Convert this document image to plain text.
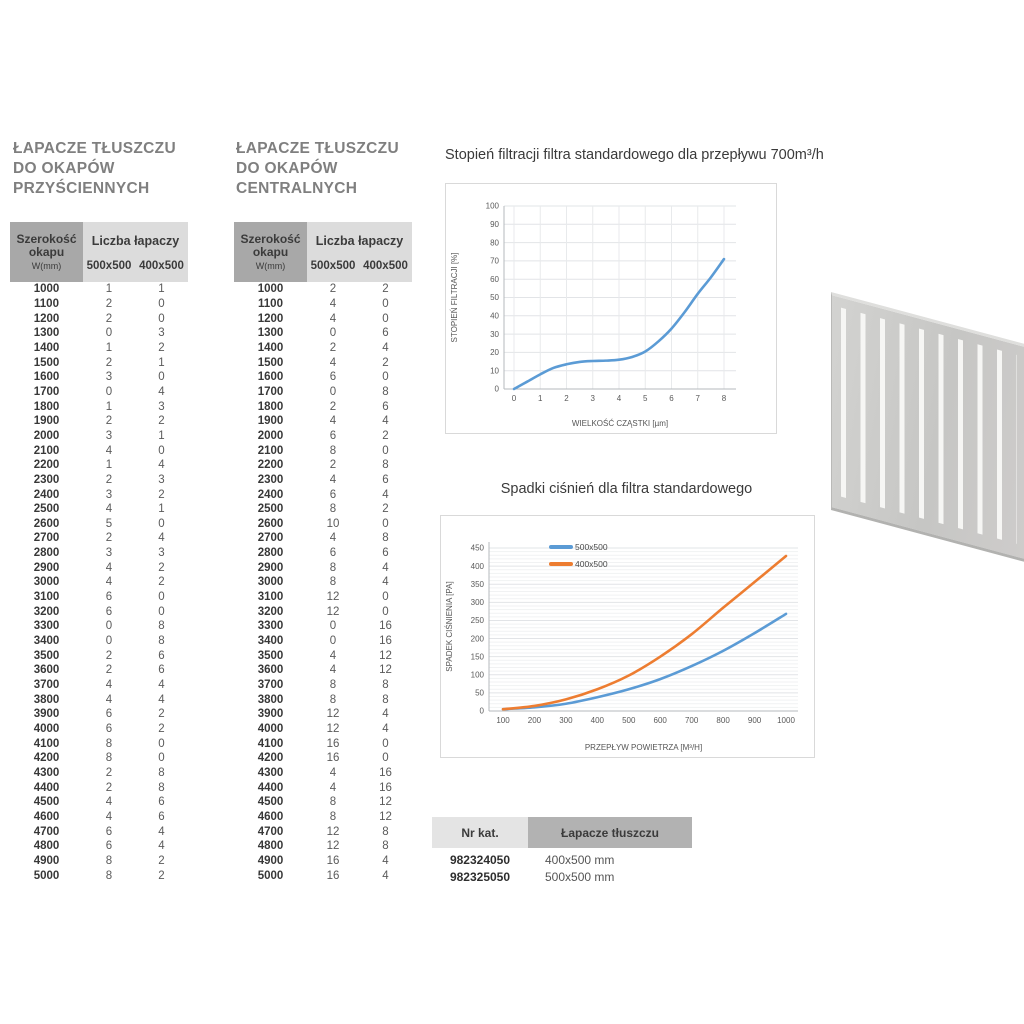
ŁAPACZE TŁUSZCZU
DO OKAPÓW
PRZYŚCIENNYCH
Szerokość okapu
W(mm)
Liczba łapaczy
500x500 400x500
1000	1	1
1100	2	0
1200	2	0
1300	0	3
1400	1	2
1500	2	1
1600	3	0
1700	0	4
1800	1	3
1900	2	2
2000	3	1
2100	4	0
2200	1	4
2300	2	3
2400	3	2
2500	4	1
2600	5	0
2700	2	4
2800	3	3
2900	4	2
3000	4	2
3100	6	0
3200	6	0
3300	0	8
3400	0	8
3500	2	6
3600	2	6
3700	4	4
3800	4	4
3900	6	2
4000	6	2
4100	8	0
4200	8	0
4300	2	8
4400	2	8
4500	4	6
4600	4	6
4700	6	4
4800	6	4
4900	8	2
5000	8	2
ŁAPACZE TŁUSZCZU
DO OKAPÓW
CENTRALNYCH
Szerokość okapu
W(mm)
Liczba łapaczy
500x500 400x500
1000	2	2
1100	4	0
1200	4	0
1300	0	6
1400	2	4
1500	4	2
1600	6	0
1700	0	8
1800	2	6
1900	4	4
2000	6	2
2100	8	0
2200	2	8
2300	4	6
2400	6	4
2500	8	2
2600	10	0
2700	4	8
2800	6	6
2900	8	4
3000	8	4
3100	12	0
3200	12	0
3300	0	16
3400	0	16
3500	4	12
3600	4	12
3700	8	8
3800	8	8
3900	12	4
4000	12	4
4100	16	0
4200	16	0
4300	4	16
4400	4	16
4500	8	12
4600	8	12
4700	12	8
4800	12	8
4900	16	4
5000	16	4
Stopień filtracji filtra standardowego dla przepływu 700m³/h
0
10
20
30
40
50
60
70
80
90
100
0	1	2	3	4	5	6	7	8
WIELKOŚĆ CZĄSTKI [µm]
STOPIEŃ FILTRACJI [%]
Spadki ciśnień dla filtra standardowego
0
50
100
150
200
250
300
350
400
450
100 200 300 400 500 600 700 800 900 1000
PRZEPŁYW POWIETRZA [M³/H]
SPADEK CIŚNIENIA [PA]
500x500
400x500
Nr kat.	Łapacze tłuszczu
982324050	400x500 mm
982325050	500x500 mm
